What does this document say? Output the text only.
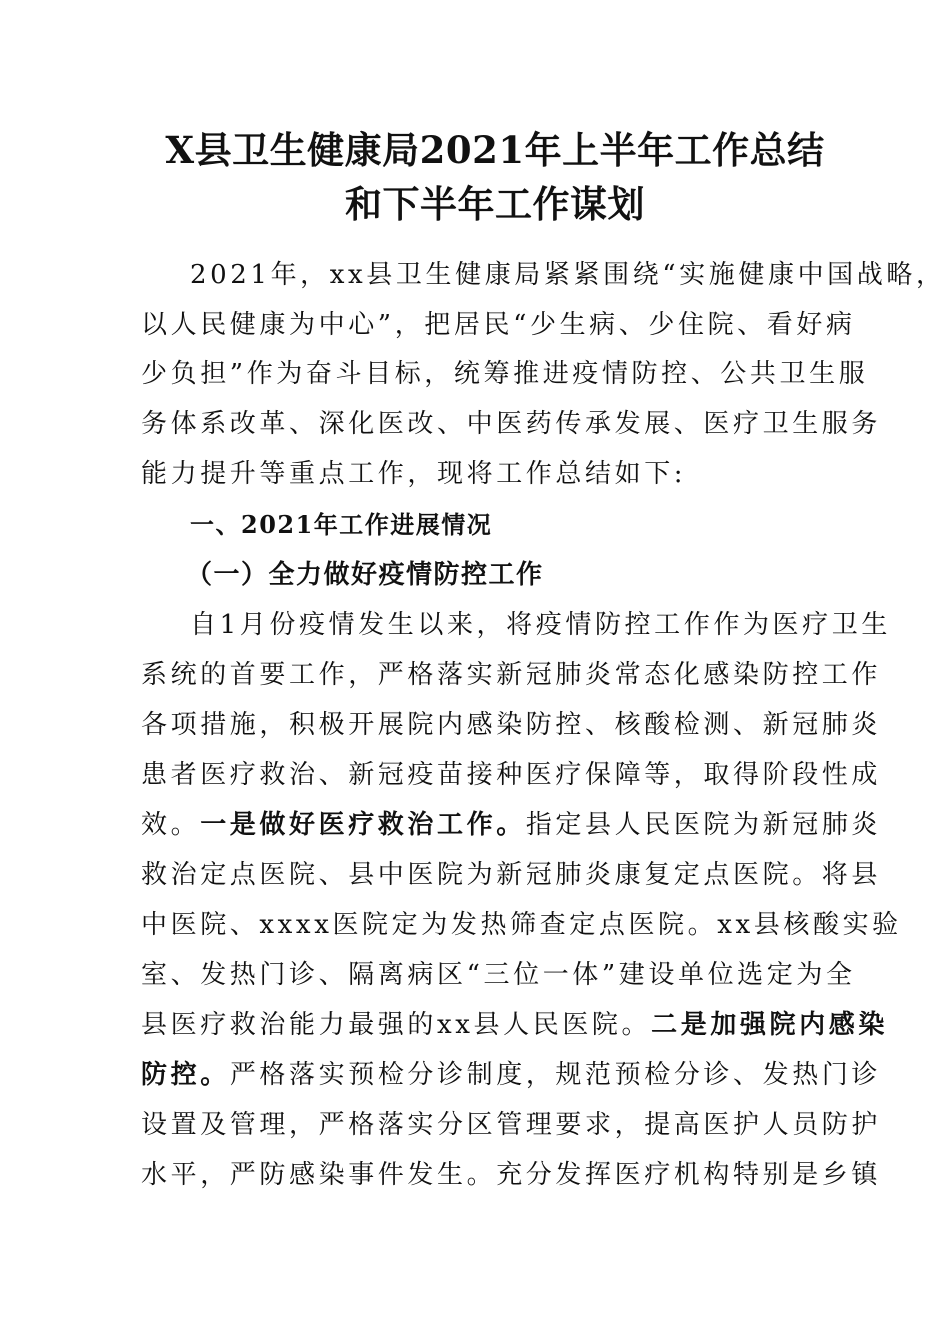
X县卫生健康局2021年上半年工作总结
和下半年工作谋划
2021年，xx县卫生健康局紧紧围绕“实施健康中国战略，
以人民健康为中心”，把居民“少生病、少住院、看好病
少负担”作为奋斗目标，统筹推进疫情防控、公共卫生服
务体系改革、深化医改、中医药传承发展、医疗卫生服务
能力提升等重点工作，现将工作总结如下:
一、2021年工作进展情况
（一）全力做好疫情防控工作
自1月份疫情发生以来，将疫情防控工作作为医疗卫生
系统的首要工作，严格落实新冠肺炎常态化感染防控工作
各项措施，积极开展院内感染防控、核酸检测、新冠肺炎
患者医疗救治、新冠疫苗接种医疗保障等，取得阶段性成
效。一是做好医疗救治工作。指定县人民医院为新冠肺炎
救治定点医院、县中医院为新冠肺炎康复定点医院。将县
中医院、xxxx医院定为发热筛查定点医院。xx县核酸实验
室、发热门诊、隔离病区“三位一体”建设单位选定为全
县医疗救治能力最强的xx县人民医院。二是加强院内感染
防控。严格落实预检分诊制度，规范预检分诊、发热门诊
设置及管理，严格落实分区管理要求，提高医护人员防护
水平，严防感染事件发生。充分发挥医疗机构特别是乡镇
